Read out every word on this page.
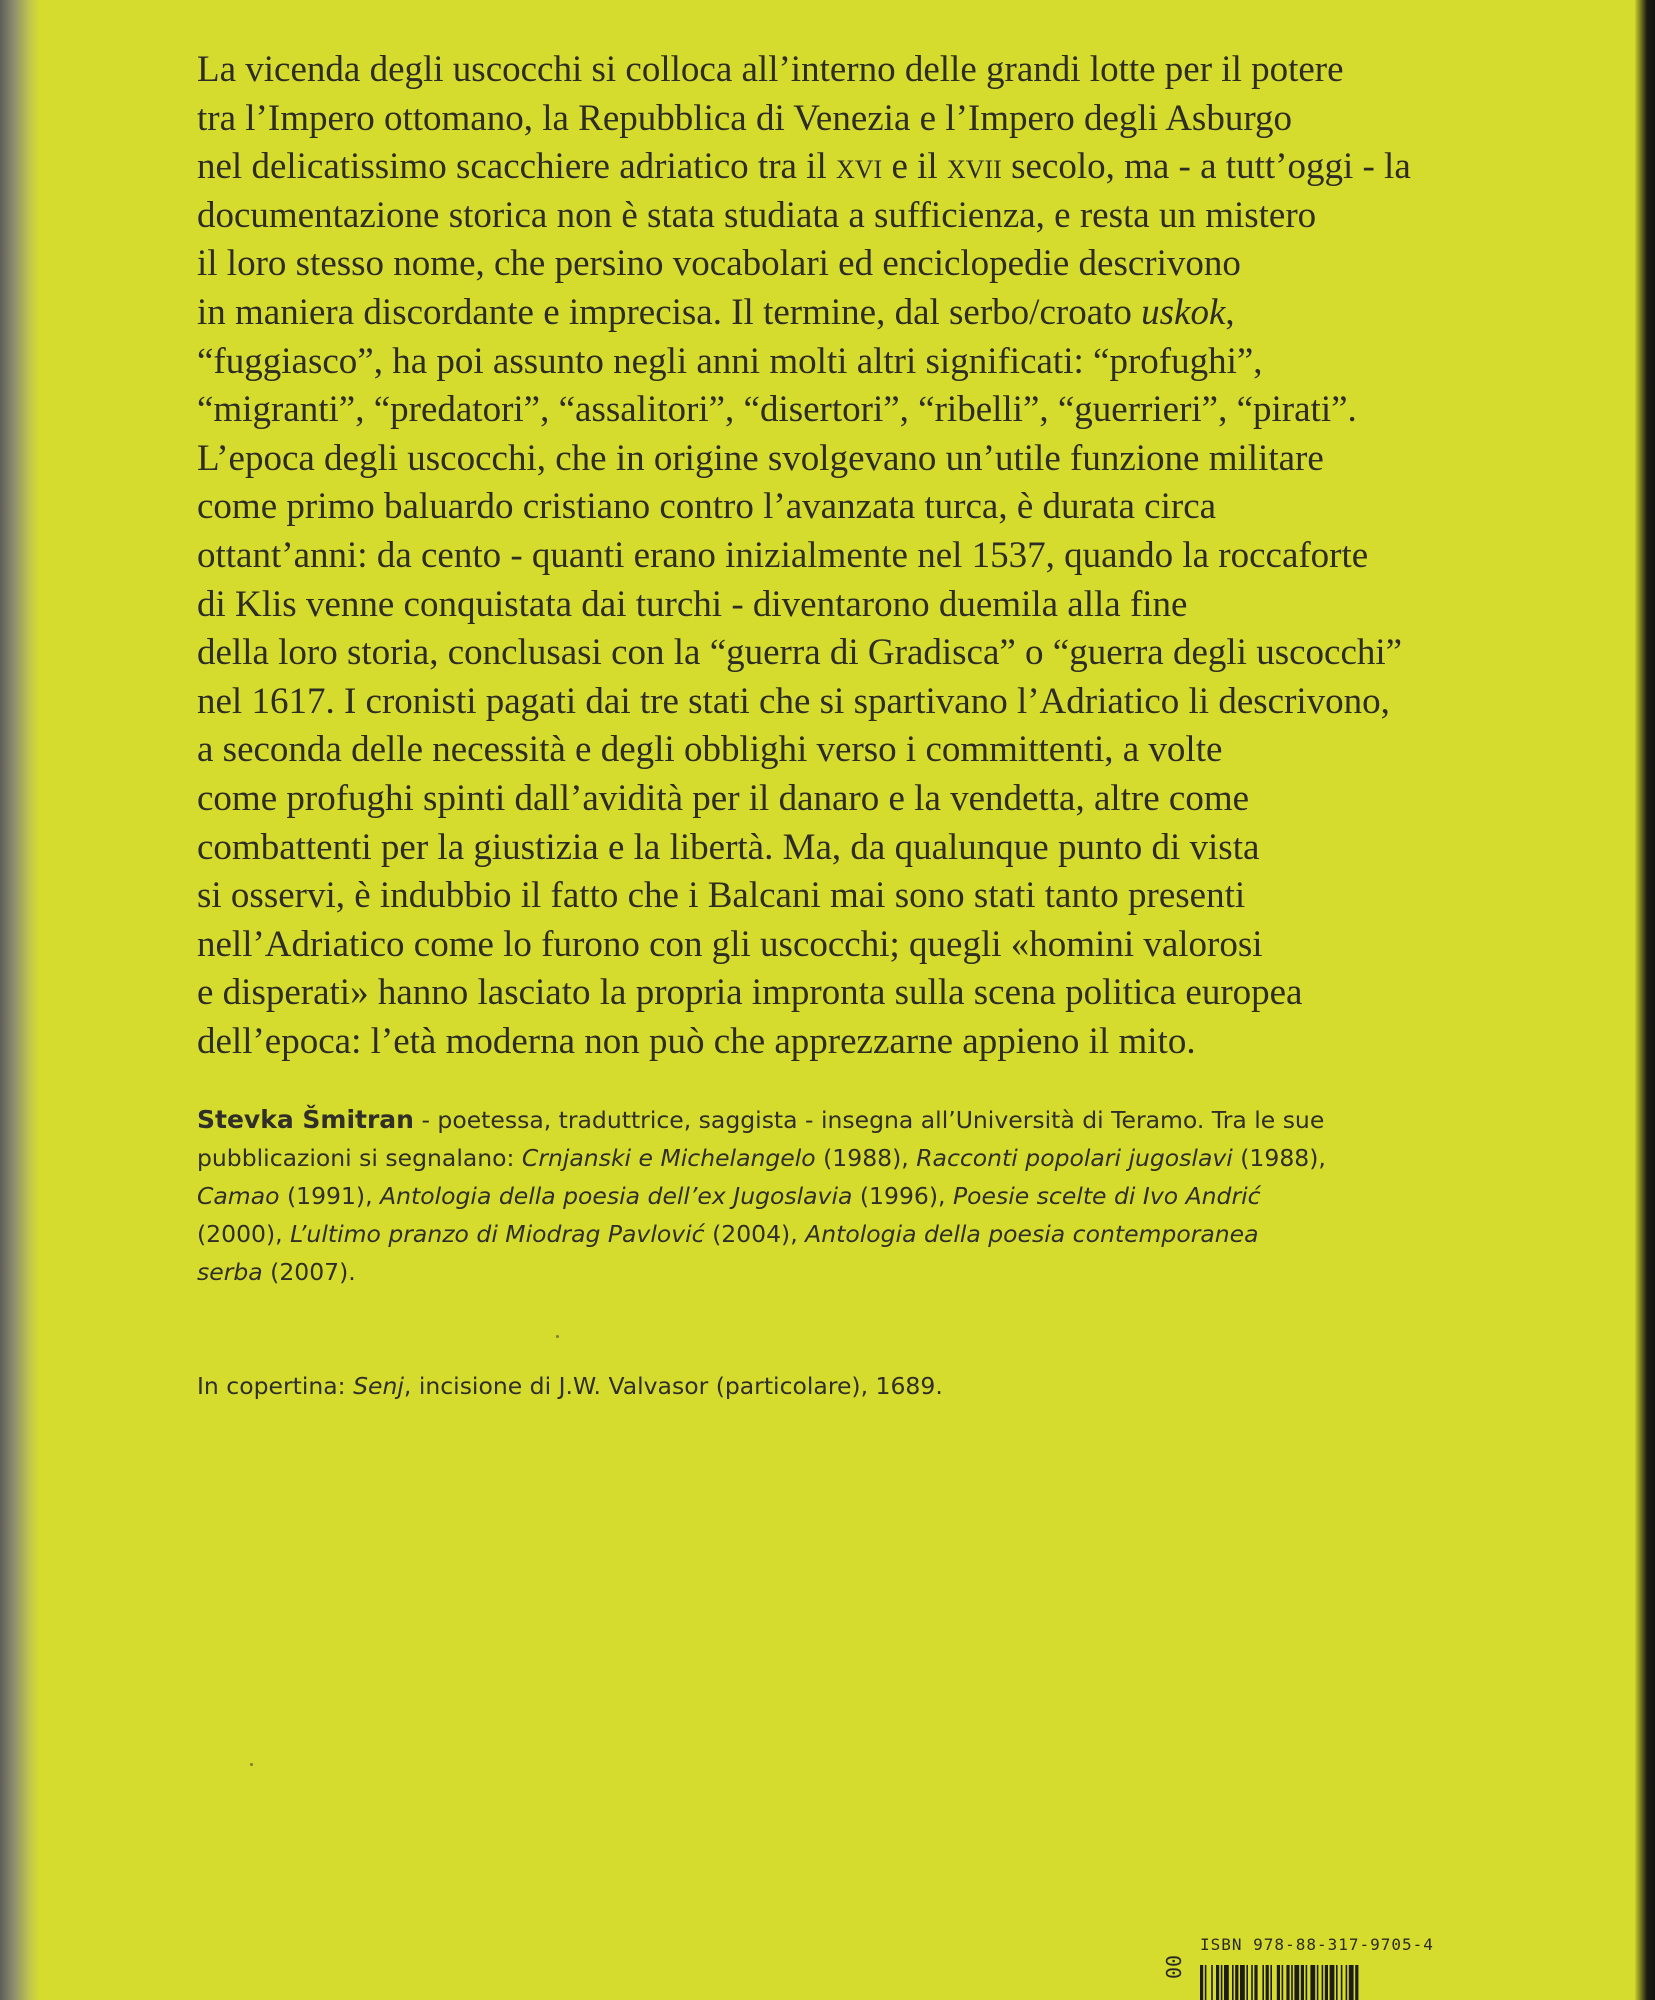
La vicenda degli uscocchi si colloca all’interno delle grandi lotte per il potere
tra l’Impero ottomano, la Repubblica di Venezia e l’Impero degli Asburgo
nel delicatissimo scacchiere adriatico tra il xvi e il xvii secolo, ma - a tutt’oggi - la
documentazione storica non è stata studiata a sufficienza, e resta un mistero
il loro stesso nome, che persino vocabolari ed enciclopedie descrivono
in maniera discordante e imprecisa. Il termine, dal serbo/croato uskok,
“fuggiasco”, ha poi assunto negli anni molti altri significati: “profughi”,
“migranti”, “predatori”, “assalitori”, “disertori”, “ribelli”, “guerrieri”, “pirati”.
L’epoca degli uscocchi, che in origine svolgevano un’utile funzione militare
come primo baluardo cristiano contro l’avanzata turca, è durata circa
ottant’anni: da cento - quanti erano inizialmente nel 1537, quando la roccaforte
di Klis venne conquistata dai turchi - diventarono duemila alla fine
della loro storia, conclusasi con la “guerra di Gradisca” o “guerra degli uscocchi”
nel 1617. I cronisti pagati dai tre stati che si spartivano l’Adriatico li descrivono,
a seconda delle necessità e degli obblighi verso i committenti, a volte
come profughi spinti dall’avidità per il danaro e la vendetta, altre come
combattenti per la giustizia e la libertà. Ma, da qualunque punto di vista
si osservi, è indubbio il fatto che i Balcani mai sono stati tanto presenti
nell’Adriatico come lo furono con gli uscocchi; quegli «homini valorosi
e disperati» hanno lasciato la propria impronta sulla scena politica europea
dell’epoca: l’età moderna non può che apprezzarne appieno il mito.
Stevka Šmitran - poetessa, traduttrice, saggista - insegna all’Università di Teramo. Tra le sue
pubblicazioni si segnalano: Crnjanski e Michelangelo (1988), Racconti popolari jugoslavi (1988),
Camao (1991), Antologia della poesia dell’ex Jugoslavia (1996), Poesie scelte di Ivo Andrić
(2000), L’ultimo pranzo di Miodrag Pavlović (2004), Antologia della poesia contemporanea
serba (2007).
In copertina: Senj, incisione di J.W. Valvasor (particolare), 1689.
00
ISBN 978-88-317-9705-4
